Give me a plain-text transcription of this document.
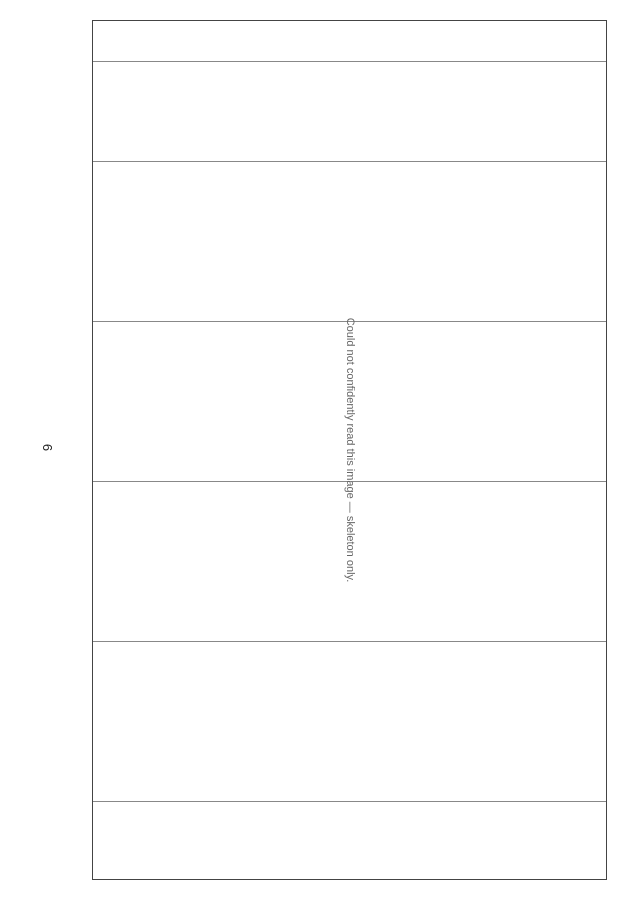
6	Could not confidently read this image — skeleton only.
